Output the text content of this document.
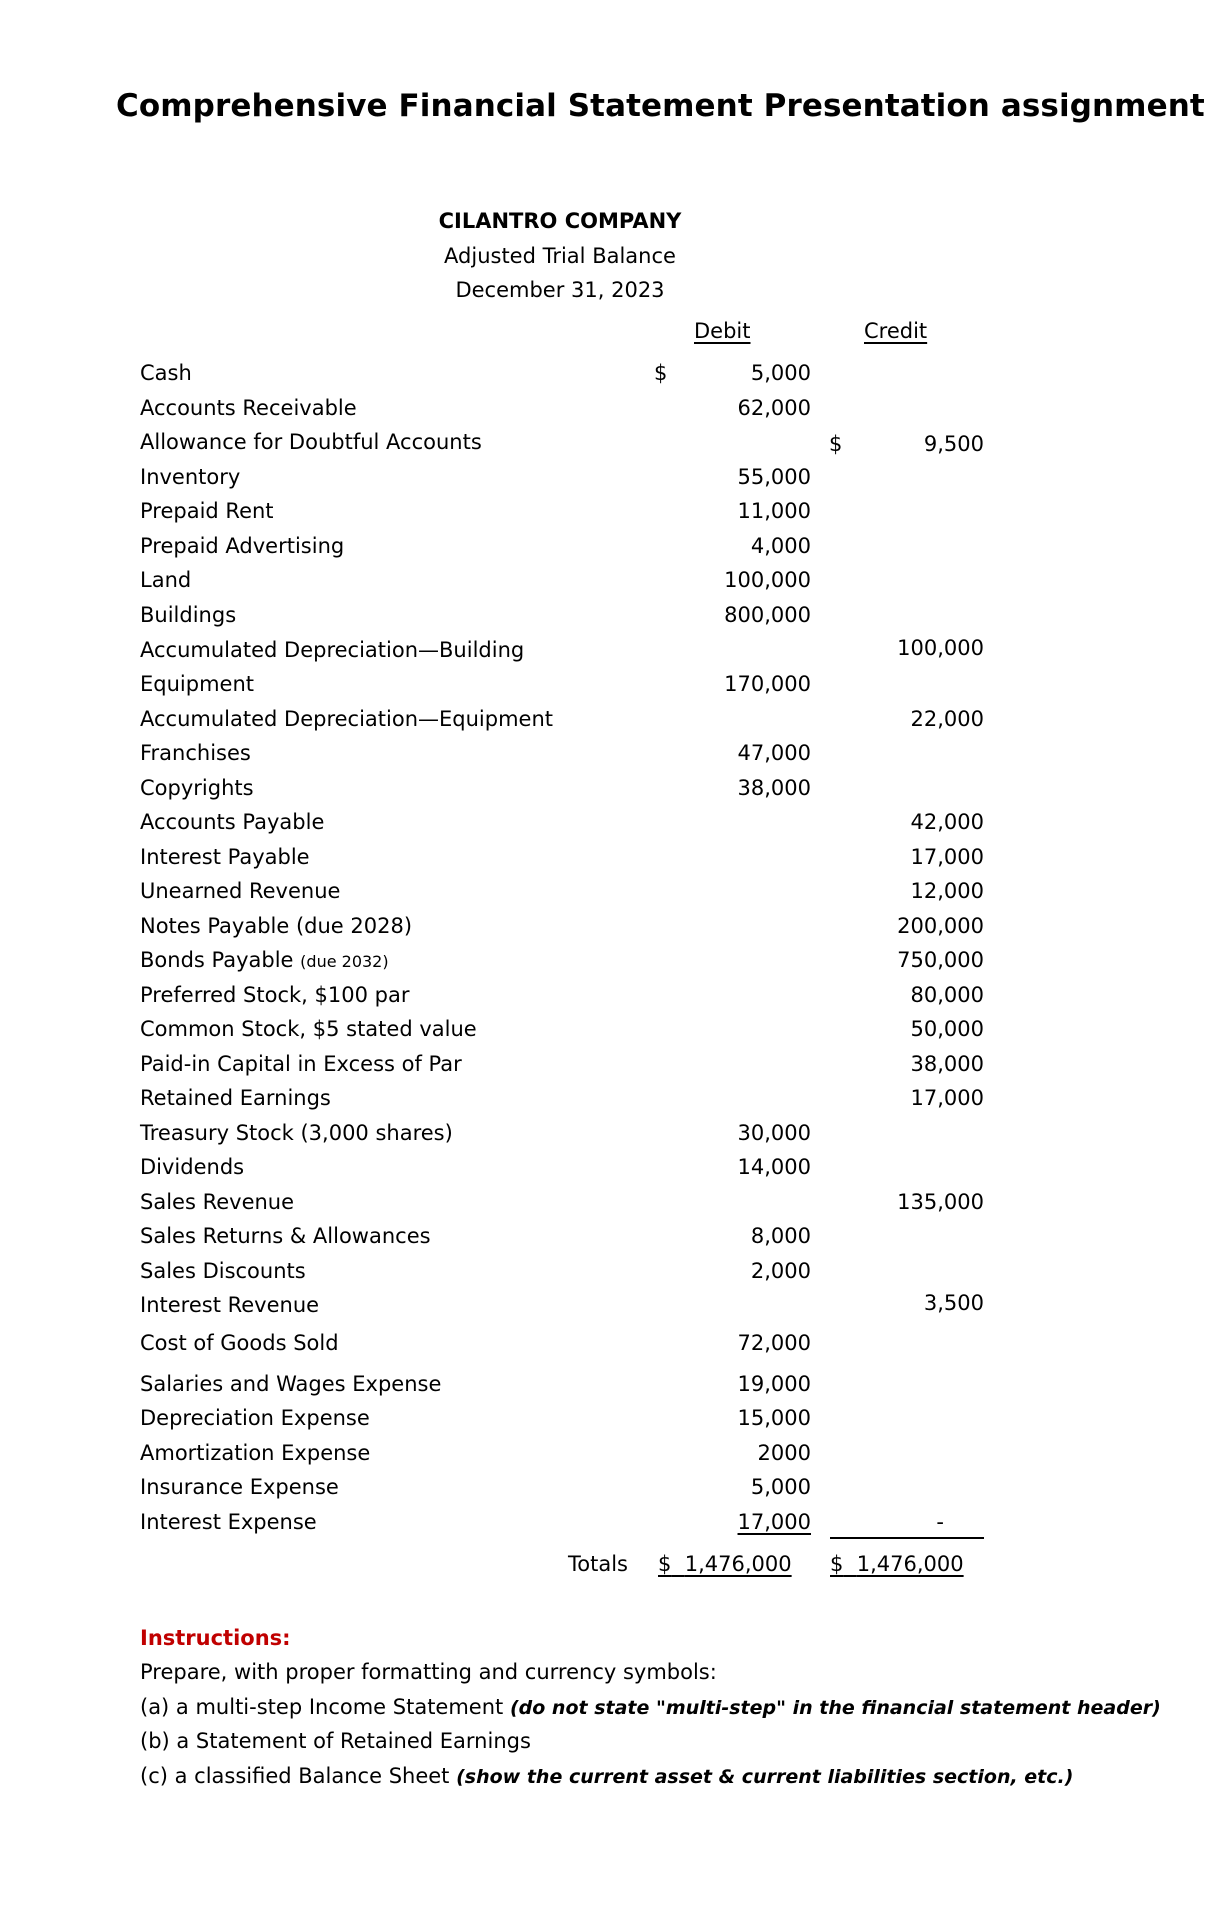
Comprehensive Financial Statement Presentation assignment
CILANTRO COMPANY
Adjusted Trial Balance
December 31, 2023
Debit	Credit
Cash
Accounts Receivable
Allowance for Doubtful Accounts
Inventory
Prepaid Rent
Prepaid Advertising
Land
Buildings
Accumulated Depreciation—Building
Equipment
Accumulated Depreciation—Equipment
Franchises
Copyrights
Accounts Payable
Interest Payable
Unearned Revenue
Notes Payable (due 2028)
Bonds Payable (due 2032)
Preferred Stock, $100 par
Common Stock, $5 stated value
Paid-in Capital in Excess of Par
Retained Earnings
Treasury Stock (3,000 shares)
Dividends
Sales Revenue
Sales Returns & Allowances
Sales Discounts
Interest Revenue
Cost of Goods Sold
Salaries and Wages Expense
Depreciation Expense
Amortization Expense
Insurance Expense
Interest Expense
$
$
5,000
62,000
55,000
11,000
4,000
100,000
800,000
170,000
47,000
38,000
30,000
14,000
8,000
2,000
72,000
19,000
15,000
2000
5,000
17,000
9,500
100,000
22,000
42,000
17,000
12,000
200,000
750,000
80,000
50,000
38,000
17,000
135,000
3,500
-
Totals $ 1,476,000 $ 1,476,000
Instructions:
Prepare, with proper formatting and currency symbols:
(a) a multi-step Income Statement (do not state "multi-step" in the financial statement header)
(b) a Statement of Retained Earnings
(c) a classified Balance Sheet (show the current asset & current liabilities section, etc.)
